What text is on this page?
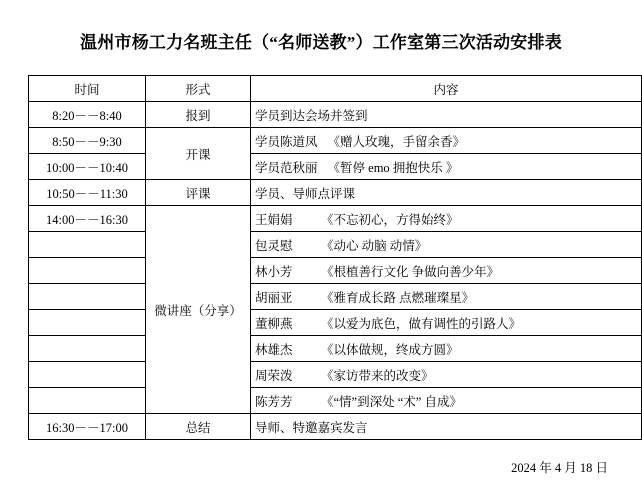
温州市杨工力名班主任（“名师送教”）工作室第三次活动安排表
时间	形式	内容
8:20－－8:40	报到	学员到达会场并签到
8:50－－9:30	开课	学员陈道凤 《赠人玫瑰，手留余香》
10:00－－10:40		学员范秋丽 《暂停 emo 拥抱快乐 》
10:50－－11:30	评课	学员、导师点评课
14:00－－16:30	微讲座（分享）	王娟娟 《不忘初心，方得始终》
		包灵慰 《动心 动脑 动情》
		林小芳 《根植善行文化 争做向善少年》
		胡丽亚 《雅育成长路 点燃璀璨星》
		董柳燕 《以爱为底色，做有调性的引路人》
		林雄杰 《以体做规，终成方圆》
		周荣泼 《家访带来的改变》
		陈芳芳 《“情”到深处 “术” 自成》
16:30－－17:00	总结	导师、特邀嘉宾发言
2024 年 4 月 18 日
